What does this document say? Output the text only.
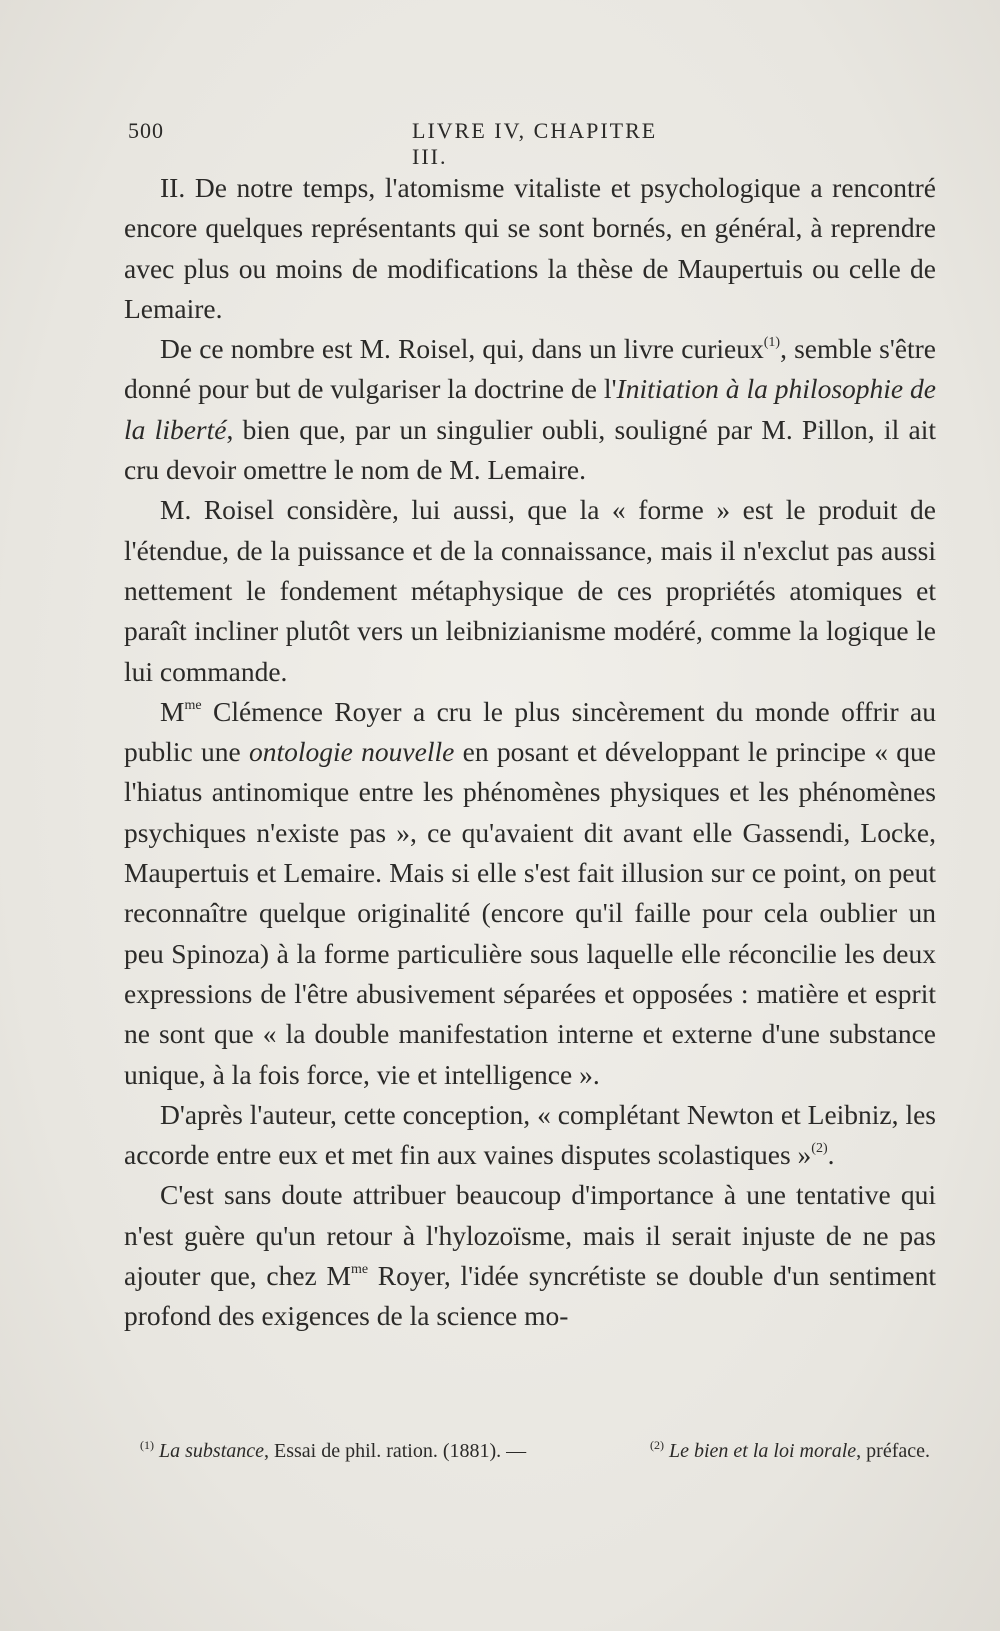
500	LIVRE IV, CHAPITRE III.

II. De notre temps, l'atomisme vitaliste et psychologique a rencontré encore quelques représentants qui se sont bornés, en général, à reprendre avec plus ou moins de modifications la thèse de Maupertuis ou celle de Lemaire.

De ce nombre est M. Roisel, qui, dans un livre curieux$^{(1)}$, semble s'être donné pour but de vulgariser la doctrine de l'Initiation à la philosophie de la liberté, bien que, par un singulier oubli, souligné par M. Pillon, il ait cru devoir omettre le nom de M. Lemaire.

M. Roisel considère, lui aussi, que la « forme » est le produit de l'étendue, de la puissance et de la connaissance, mais il n'exclut pas aussi nettement le fondement métaphysique de ces propriétés atomiques et paraît incliner plutôt vers un leibnizianisme modéré, comme la logique le lui commande.

$M^{me}$ Clémence Royer a cru le plus sincèrement du monde offrir au public une ontologie nouvelle en posant et développant le principe « que l'hiatus antinomique entre les phénomènes physiques et les phénomènes psychiques n'existe pas », ce qu'avaient dit avant elle Gassendi, Locke, Maupertuis et Lemaire. Mais si elle s'est fait illusion sur ce point, on peut reconnaître quelque originalité (encore qu'il faille pour cela oublier un peu Spinoza) à la forme particulière sous laquelle elle réconcilie les deux expressions de l'être abusivement séparées et opposées : matière et esprit ne sont que « la double manifestation interne et externe d'une substance unique, à la fois force, vie et intelligence ».

D'après l'auteur, cette conception, « complétant Newton et Leibniz, les accorde entre eux et met fin aux vaines disputes scolastiques »$^{(2)}$.

C'est sans doute attribuer beaucoup d'importance à une tentative qui n'est guère qu'un retour à l'hylozoïsme, mais il serait injuste de ne pas ajouter que, chez $M^{me}$ Royer, l'idée syncrétiste se double d'un sentiment profond des exigences de la science mo-

$^{(1)}$ La substance, Essai de phil. ration. (1881). —	$^{(2)}$ Le bien et la loi morale, préface.
